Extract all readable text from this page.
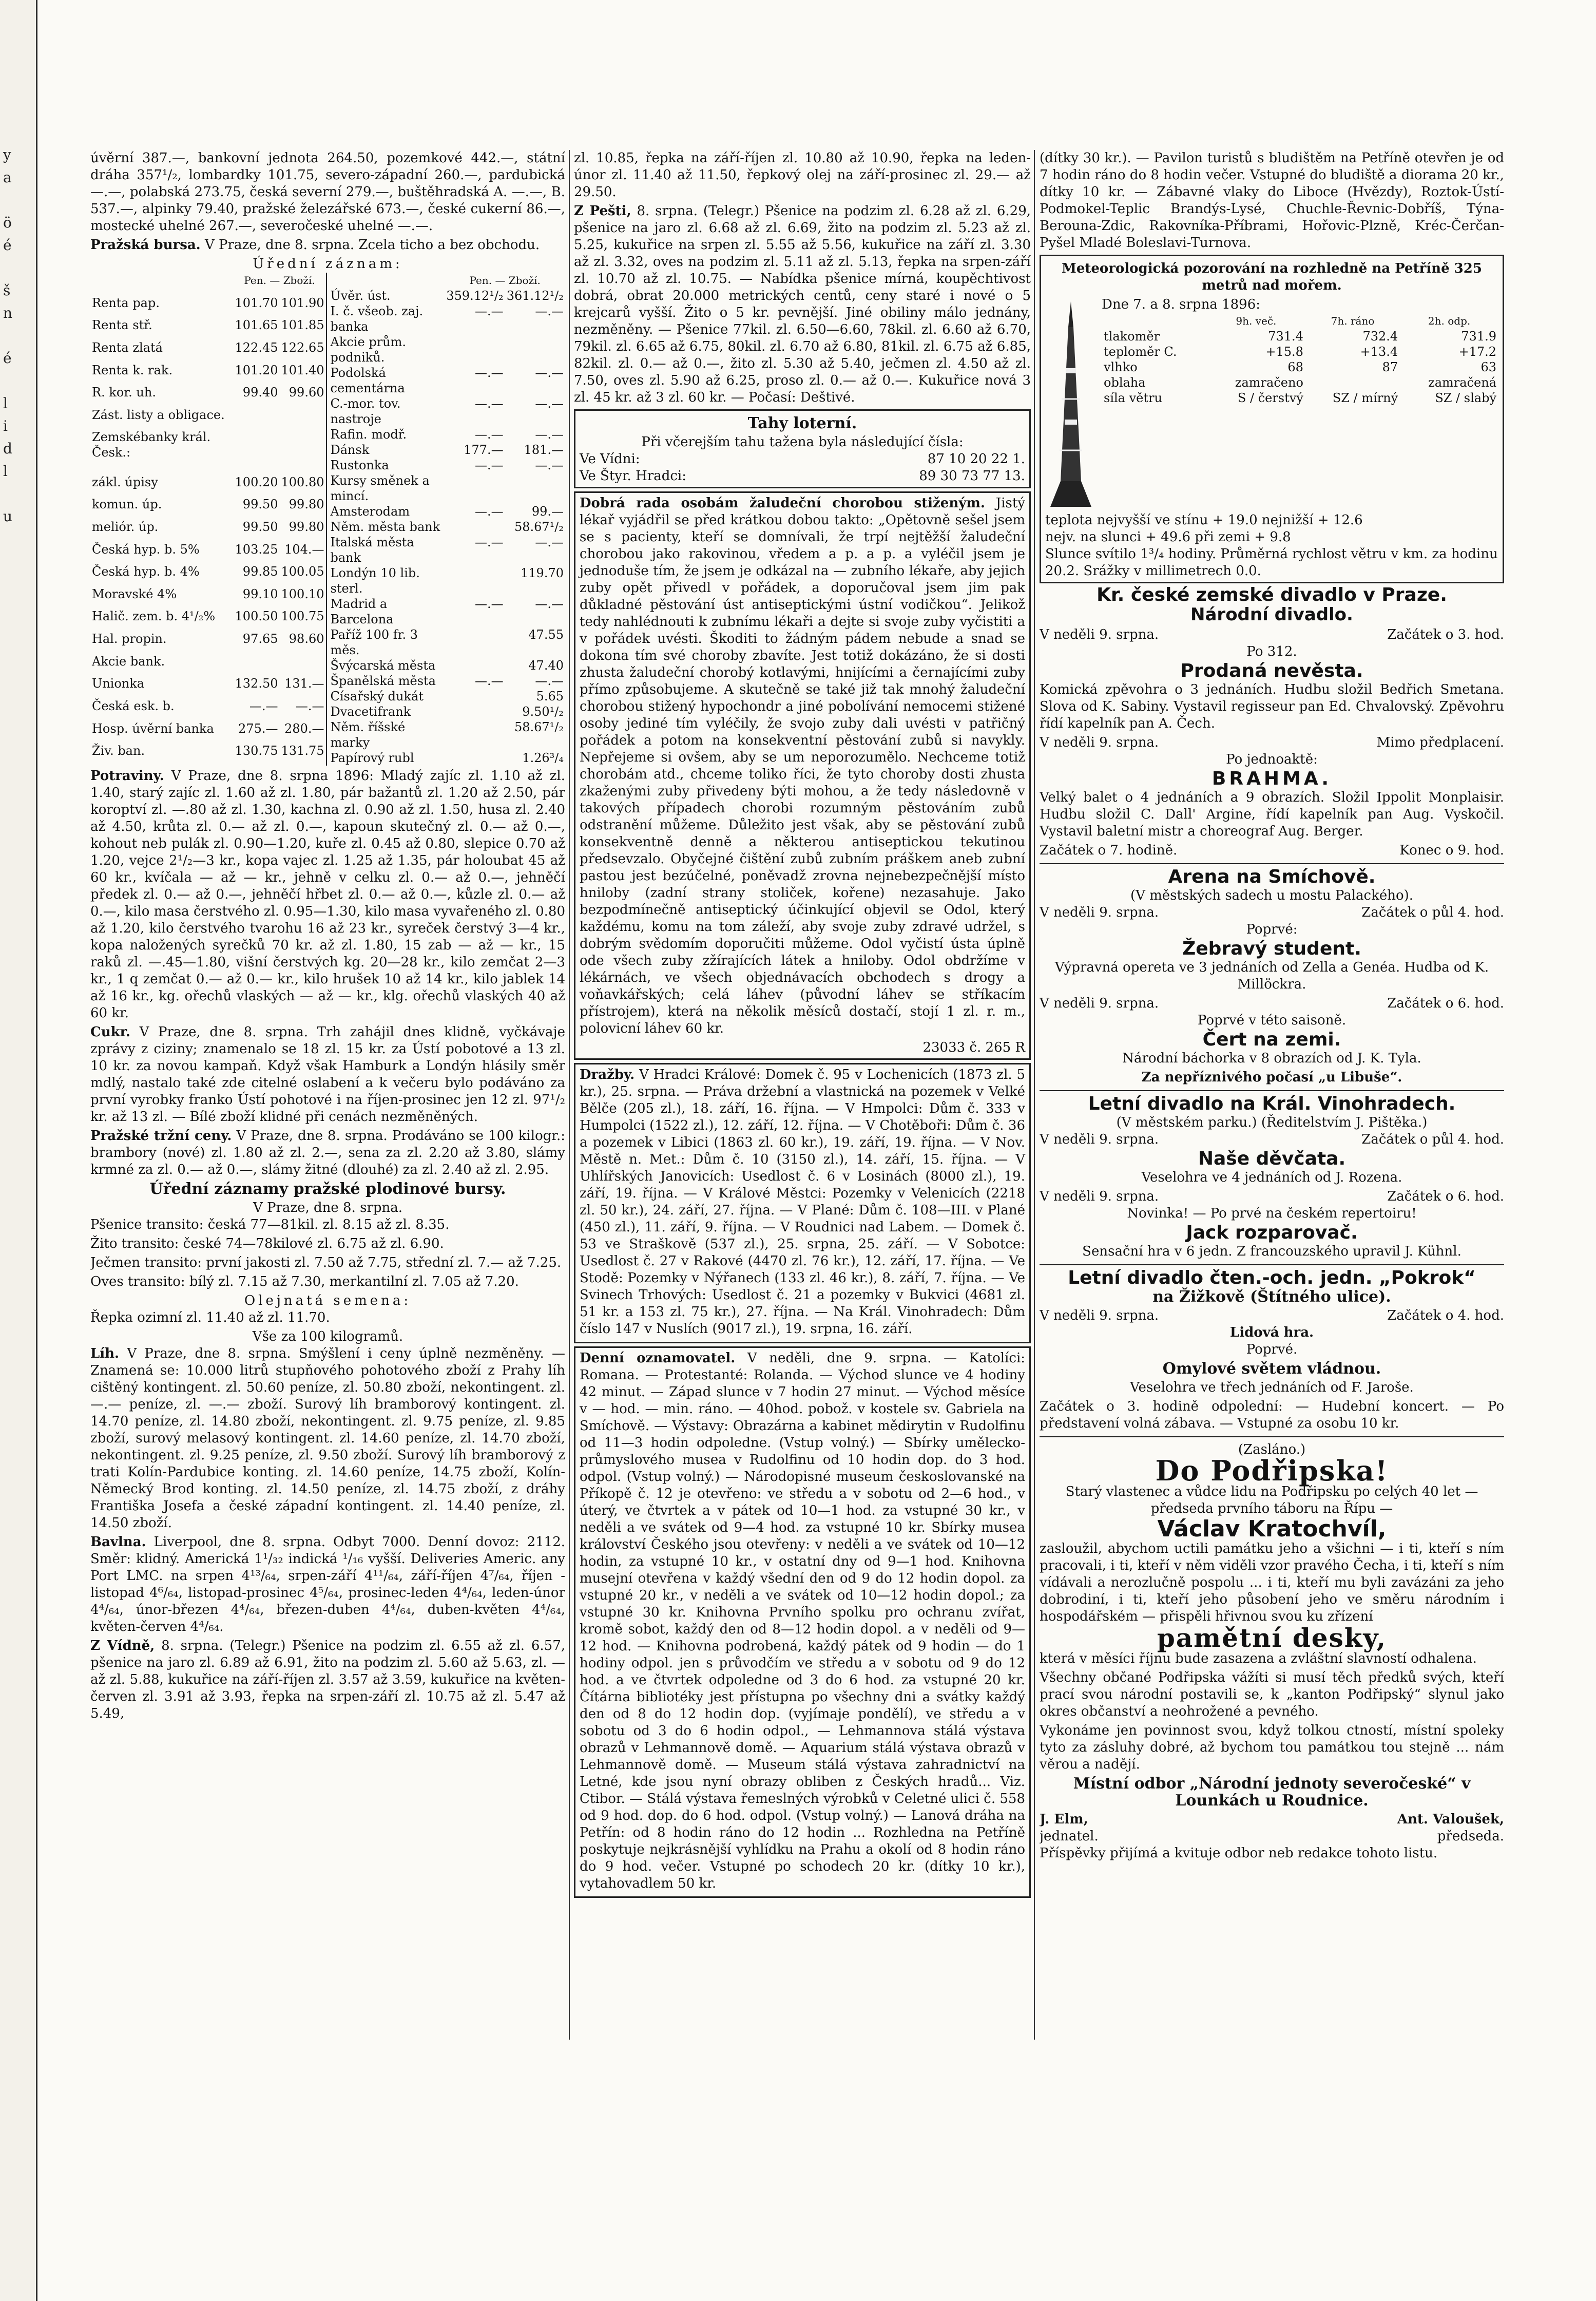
y
a

ö
é

š
n

é

l
i
d
l

u

úvěrní 387.—, bankovní jednota 264.50, pozemkové 442.—, státní dráha 357¹/₂, lombardky 101.75, severo-západní 260.—, pardubická —.—, polabská 273.75, česká severní 279.—, buštěhradská A. —.—, B. 537.—, alpinky 79.40, pražské železářské 673.—, české cukerní 86.—, mostecké uhelné 267.—, severočeské uhelné —.—.

Pražská bursa. V Praze, dne 8. srpna. Zcela ticho a bez obchodu.

Úřední záznam:
	Pen. — Zboží.	
Renta pap.	101.70	101.90
Renta stř.	101.65	101.85
Renta zlatá	122.45	122.65
Renta k. rak.	101.20	101.40
R. kor. uh.	99.40	99.60
Zást. listy a obligace.		
Zemskébanky král. Česk.:		
zákl. úpisy	100.20	100.80
komun. úp.	99.50	99.80
meliór. úp.	99.50	99.80
Česká hyp. b. 5%	103.25	104.—
Česká hyp. b. 4%	99.85	100.05
Moravské 4%	99.10	100.10
Halič. zem. b. 4¹/₂%	100.50	100.75
Hal. propin.	97.65	98.60
Akcie bank.		
Unionka	132.50	131.—
Česká esk. b.	—.—	—.—
Hosp. úvěrní banka	275.—	280.—
Živ. ban.	130.75	131.75
	Pen. — Zboží.	
Úvěr. úst.	359.12¹/₂	361.12¹/₂
I. č. všeob. zaj. banka	—.—	—.—
Akcie prům. podniků.		
Podolská cementárna	—.—	—.—
C.-mor. tov. nastroje	—.—	—.—
Rafin. modř.	—.—	—.—
Dánsk	177.—	181.—
Rustonka	—.—	—.—
Kursy směnek a mincí.		
Amsterodam	—.—	99.—
Něm. města bank		58.67¹/₂
Italská města bank	—.—	—.—
Londýn 10 lib. sterl.		119.70
Madrid a Barcelona	—.—	—.—
Paříž 100 fr. 3 měs.		47.55
Švýcarská města		47.40
Španělská města	—.—	—.—
Císařský dukát		5.65
Dvacetifrank		9.50¹/₂
Něm. říšské marky		58.67¹/₂
Papírový rubl		1.26³/₄

Potraviny. V Praze, dne 8. srpna 1896: Mladý zajíc zl. 1.10 až zl. 1.40, starý zajíc zl. 1.60 až zl. 1.80, pár bažantů zl. 1.20 až 2.50, pár koroptví zl. —.80 až zl. 1.30, kachna zl. 0.90 až zl. 1.50, husa zl. 2.40 až 4.50, krůta zl. 0.— až zl. 0.—, kapoun skutečný zl. 0.— až 0.—, kohout neb pulák zl. 0.90—1.20, kuře zl. 0.45 až 0.80, slepice 0.70 až 1.20, vejce 2¹/₂—3 kr., kopa vajec zl. 1.25 až 1.35, pár holoubat 45 až 60 kr., kvíčala — až — kr., jehně v celku zl. 0.— až 0.—, jehněčí předek zl. 0.— až 0.—, jehněčí hřbet zl. 0.— až 0.—, kůzle zl. 0.— až 0.—, kilo masa čerstvého zl. 0.95—1.30, kilo masa vyvařeného zl. 0.80 až 1.20, kilo čerstvého tvarohu 16 až 23 kr., syreček čerstvý 3—4 kr., kopa naložených syrečků 70 kr. až zl. 1.80, 15 zab — až — kr., 15 raků zl. —.45—1.80, višní čerstvých kg. 20—28 kr., kilo zemčat 2—3 kr., 1 q zemčat 0.— až 0.— kr., kilo hrušek 10 až 14 kr., kilo jablek 14 až 16 kr., kg. ořechů vlaských — až — kr., klg. ořechů vlaských 40 až 60 kr.

Cukr. V Praze, dne 8. srpna. Trh zahájil dnes klidně, vyčkávaje zprávy z ciziny; znamenalo se 18 zl. 15 kr. za Ústí pobotové a 13 zl. 10 kr. za novou kampaň. Když však Hamburk a Londýn hlásily směr mdlý, nastalo také zde citelné oslabení a k večeru bylo podáváno za první vyrobky franko Ústí pohotové i na říjen-prosinec jen 12 zl. 97¹/₂ kr. až 13 zl. — Bílé zboží klidné při cenách nezměněných.

Pražské tržní ceny. V Praze, dne 8. srpna. Prodáváno se 100 kilogr.: brambory (nové) zl. 1.80 až zl. 2.—, sena za zl. 2.20 až 3.80, slámy krmné za zl. 0.— až 0.—, slámy žitné (dlouhé) za zl. 2.40 až zl. 2.95.

Úřední záznamy pražské plodinové bursy.
V Praze, dne 8. srpna.

Pšenice transito: česká 77—81kil. zl. 8.15 až zl. 8.35.

Žito transito: české 74—78kilové zl. 6.75 až zl. 6.90.

Ječmen transito: první jakosti zl. 7.50 až 7.75, střední zl. 7.— až 7.25.

Oves transito: bílý zl. 7.15 až 7.30, merkantilní zl. 7.05 až 7.20.

Olejnatá semena:

Řepka ozimní zl. 11.40 až zl. 11.70.

Vše za 100 kilogramů.

Líh. V Praze, dne 8. srpna. Smýšlení i ceny úplně nezměněny. — Znamená se: 10.000 litrů stupňového pohotového zboží z Prahy líh cištěný kontingent. zl. 50.60 peníze, zl. 50.80 zboží, nekontingent. zl. —.— peníze, zl. —.— zboží. Surový líh bramborový kontingent. zl. 14.70 peníze, zl. 14.80 zboží, nekontingent. zl. 9.75 peníze, zl. 9.85 zboží, surový melasový kontingent. zl. 14.60 peníze, zl. 14.70 zboží, nekontingent. zl. 9.25 peníze, zl. 9.50 zboží. Surový líh bramborový z trati Kolín-Pardubice konting. zl. 14.60 peníze, 14.75 zboží, Kolín-Německý Brod konting. zl. 14.50 peníze, zl. 14.75 zboží, z dráhy Františka Josefa a české západní kontingent. zl. 14.40 peníze, zl. 14.50 zboží.

Bavlna. Liverpool, dne 8. srpna. Odbyt 7000. Denní dovoz: 2112. Směr: klidný. Americká 1¹/₃₂ indická ¹/₁₆ vyšší. Deliveries Americ. any Port LMC. na srpen 4¹³/₆₄, srpen-září 4¹¹/₆₄, září-říjen 4⁷/₆₄, říjen - listopad 4⁶/₆₄, listopad-prosinec 4⁵/₆₄, prosinec-leden 4⁴/₆₄, leden-únor 4⁴/₆₄, únor-březen 4⁴/₆₄, březen-duben 4⁴/₆₄, duben-květen 4⁴/₆₄, květen-červen 4⁴/₆₄.

Z Vídně, 8. srpna. (Telegr.) Pšenice na podzim zl. 6.55 až zl. 6.57, pšenice na jaro zl. 6.89 až 6.91, žito na podzim zl. 5.60 až 5.63, zl. — až zl. 5.88, kukuřice na září-říjen zl. 3.57 až 3.59, kukuřice na květen-červen zl. 3.91 až 3.93, řepka na srpen-září zl. 10.75 až zl. 5.47 až 5.49,

zl. 10.85, řepka na září-říjen zl. 10.80 až 10.90, řepka na leden-únor zl. 11.40 až 11.50, řepkový olej na září-prosinec zl. 29.— až 29.50.

Z Pešti, 8. srpna. (Telegr.) Pšenice na podzim zl. 6.28 až zl. 6.29, pšenice na jaro zl. 6.68 až zl. 6.69, žito na podzim zl. 5.23 až zl. 5.25, kukuřice na srpen zl. 5.55 až 5.56, kukuřice na září zl. 3.30 až zl. 3.32, oves na podzim zl. 5.11 až zl. 5.13, řepka na srpen-září zl. 10.70 až zl. 10.75. — Nabídka pšenice mírná, koupěchtivost dobrá, obrat 20.000 metrických centů, ceny staré i nové o 5 krejcarů vyšší. Žito o 5 kr. pevnější. Jiné obiliny málo jednány, nezměněny. — Pšenice 77kil. zl. 6.50—6.60, 78kil. zl. 6.60 až 6.70, 79kil. zl. 6.65 až 6.75, 80kil. zl. 6.70 až 6.80, 81kil. zl. 6.75 až 6.85, 82kil. zl. 0.— až 0.—, žito zl. 5.30 až 5.40, ječmen zl. 4.50 až zl. 7.50, oves zl. 5.90 až 6.25, proso zl. 0.— až 0.—. Kukuřice nová 3 zl. 45 kr. až 3 zl. 60 kr. — Počasí: Deštivé.

Tahy loterní.
Při včerejším tahu tažena byla následující čísla:
Ve Vídni:	87 10 20 22 1.
Ve Štyr. Hradci:	89 30 73 77 13.

Dobrá rada osobám žaludeční chorobou stiženým. Jistý lékař vyjádřil se před krátkou dobou takto: „Opětovně sešel jsem se s pacienty, kteří se domnívali, že trpí nejtěžší žaludeční chorobou jako rakovinou, vředem a p. a p. a vyléčil jsem je jednoduše tím, že jsem je odkázal na — zubního lékaře, aby jejich zuby opět přivedl v pořádek, a doporučoval jsem jim pak důkladné pěstování úst antiseptickými ústní vodičkou“. Jelikož tedy nahlédnouti k zubnímu lékaři a dejte si svoje zuby vyčistiti a v pořádek uvésti. Škoditi to žádným pádem nebude a snad se dokona tím své choroby zbavíte. Jest totiž dokázáno, že si dosti zhusta žaludeční chorobý kotlavými, hnijícími a černajícími zuby přímo způsobujeme. A skutečně se také již tak mnohý žaludeční chorobou stižený hypochondr a jiné pobolívání nemocemi stižené osoby jediné tím vyléčily, že svojo zuby dali uvésti v patřičný pořádek a potom na konsekventní pěstování zubů si navykly. Nepřejeme si ovšem, aby se um neporozumělo. Nechceme totiž chorobám atd., chceme toliko říci, že tyto choroby dosti zhusta zkaženými zuby přivedeny býti mohou, a že tedy následovně v takových případech chorobi rozumným pěstováním zubů odstranění můžeme. Důležito jest však, aby se pěstování zubů konsekventně denně a některou antiseptickou tekutinou předsevzalo. Obyčejné čištění zubů zubním práškem aneb zubní pastou jest bezúčelné, poněvadž zrovna nejnebezpečnější místo hniloby (zadní strany stoliček, kořene) nezasahuje. Jako bezpodmínečně antiseptický účinkující objevil se Odol, který každému, komu na tom záleží, aby svoje zuby zdravé udržel, s dobrým svědomím doporučiti můžeme. Odol vyčistí ústa úplně ode všech zuby zžírajících látek a hniloby. Odol obdržíme v lékárnách, ve všech objednávacích obchodech s drogy a voňavkářských; celá láhev (původní láhev se stříkacím přístrojem), která na několik měsíců dostačí, stojí 1 zl. r. m., polovicní láhev 60 kr.

23033 č. 265 R

Dražby. V Hradci Králové: Domek č. 95 v Lochenicích (1873 zl. 5 kr.), 25. srpna. — Práva držební a vlastnická na pozemek v Velké Bělče (205 zl.), 18. září, 16. října. — V Hmpolci: Dům č. 333 v Humpolci (1522 zl.), 12. září, 12. října. — V Chotěboři: Dům č. 36 a pozemek v Libici (1863 zl. 60 kr.), 19. září, 19. října. — V Nov. Městě n. Met.: Dům č. 10 (3150 zl.), 14. září, 15. října. — V Uhlířských Janovicích: Usedlost č. 6 v Losinách (8000 zl.), 19. září, 19. října. — V Králové Městci: Pozemky v Velenicích (2218 zl. 50 kr.), 24. září, 27. října. — V Plané: Dům č. 108—III. v Plané (450 zl.), 11. září, 9. října. — V Roudnici nad Labem. — Domek č. 53 ve Straškově (537 zl.), 25. srpna, 25. září. — V Sobotce: Usedlost č. 27 v Rakové (4470 zl. 76 kr.), 12. září, 17. října. — Ve Stodě: Pozemky v Nýřanech (133 zl. 46 kr.), 8. září, 7. října. — Ve Svinech Trhových: Usedlost č. 21 a pozemky v Bukvici (4681 zl. 51 kr. a 153 zl. 75 kr.), 27. října. — Na Král. Vinohradech: Dům číslo 147 v Nuslích (9017 zl.), 19. srpna, 16. září.

Denní oznamovatel. V neděli, dne 9. srpna. — Katolíci: Romana. — Protestanté: Rolanda. — Východ slunce ve 4 hodiny 42 minut. — Západ slunce v 7 hodin 27 minut. — Východ měsíce v — hod. — min. ráno. — 40hod. pobož. v kostele sv. Gabriela na Smíchově. — Výstavy: Obrazárna a kabinet mědirytin v Rudolfinu od 11—3 hodin odpoledne. (Vstup volný.) — Sbírky umělecko-průmyslového musea v Rudolfinu od 10 hodin dop. do 3 hod. odpol. (Vstup volný.) — Národopisné museum českoslovanské na Příkopě č. 12 je otevřeno: ve středu a v sobotu od 2—6 hod., v úterý, ve čtvrtek a v pátek od 10—1 hod. za vstupné 30 kr., v neděli a ve svátek od 9—4 hod. za vstupné 10 kr. Sbírky musea království Českého jsou otevřeny: v neděli a ve svátek od 10—12 hodin, za vstupné 10 kr., v ostatní dny od 9—1 hod. Knihovna musejní otevřena v každý všední den od 9 do 12 hodin dopol. za vstupné 20 kr., v neděli a ve svátek od 10—12 hodin dopol.; za vstupné 30 kr. Knihovna Prvního spolku pro ochranu zvířat, kromě sobot, každý den od 8—12 hodin dopol. a v neděli od 9—12 hod. — Knihovna podrobená, každý pátek od 9 hodin — do 1 hodiny odpol. jen s průvodčím ve středu a v sobotu od 9 do 12 hod. a ve čtvrtek odpoledne od 3 do 6 hod. za vstupné 20 kr. Čítárna bibliotéky jest přístupna po všechny dni a svátky každý den od 8 do 12 hodin dop. (vyjímaje pondělí), ve středu a v sobotu od 3 do 6 hodin odpol., — Lehmannova stálá výstava obrazů v Lehmannově domě. — Aquarium stálá výstava obrazů v Lehmannově domě. — Museum stálá výstava zahradnictví na Letné, kde jsou nyní obrazy obliben z Českých hradů... Viz. Ctibor. — Stálá výstava řemeslných výrobků v Celetné ulici č. 558 od 9 hod. dop. do 6 hod. odpol. (Vstup volný.) — Lanová dráha na Petřín: od 8 hodin ráno do 12 hodin ... Rozhledna na Petříně poskytuje nejkrásnější vyhlídku na Prahu a okolí od 8 hodin ráno do 9 hod. večer. Vstupné po schodech 20 kr. (dítky 10 kr.), vytahovadlem 50 kr.

(dítky 30 kr.). — Pavilon turistů s bludištěm na Petříně otevřen je od 7 hodin ráno do 8 hodin večer. Vstupné do bludiště a diorama 20 kr., dítky 10 kr. — Zábavné vlaky do Liboce (Hvězdy), Roztok-Ústí-Podmokel-Teplic Brandýs-Lysé, Chuchle-Řevnic-Dobříš, Týna-Berouna-Zdic, Rakovníka-Příbrami, Hořovic-Plzně, Kréc-Čerčan-Pyšel Mladé Boleslavi-Turnova.

Meteorologická pozorování na rozhledně na Petříně 325 metrů nad mořem.
Dne 7. a 8. srpna 1896:
	9h. več.	7h. ráno	2h. odp.
tlakoměr	731.4	732.4	731.9
teploměr C.	+15.8	+13.4	+17.2
vlhko	68	87	63
oblaha	zamračeno		zamračená
síla větru	S / čerstvý	SZ / mírný	SZ / slabý
teplota nejvyšší ve stínu + 19.0 nejnižší + 12.6
nejv. na slunci + 49.6 při zemi + 9.8
Slunce svítilo 1³/₄ hodiny. Průměrná rychlost větru v km. za hodinu 20.2. Srážky v millimetrech 0.0.
Kr. české zemské divadlo v Praze.
Národní divadlo.
V neděli 9. srpna.	Začátek o 3. hod.
Po 312.
Prodaná nevěsta.

Komická zpěvohra o 3 jednáních. Hudbu složil Bedřich Smetana. Slova od K. Sabiny. Vystavil regisseur pan Ed. Chvalovský. Zpěvohru řídí kapelník pan A. Čech.

V neděli 9. srpna.	Mimo předplacení.
Po jednoaktě:
BRAHMA.

Velký balet o 4 jednáních a 9 obrazích. Složil Ippolit Monplaisir. Hudbu složil C. Dall' Argine, řídí kapelník pan Aug. Vyskočil. Vystavil baletní mistr a choreograf Aug. Berger.

Začátek o 7. hodině.	Konec o 9. hod.
Arena na Smíchově.
(V městských sadech u mostu Palackého).
V neděli 9. srpna.	Začátek o půl 4. hod.
Poprvé:
Žebravý student.

Výpravná opereta ve 3 jednáních od Zella a Genéa. Hudba od K. Millöckra.

V neděli 9. srpna.	Začátek o 6. hod.
Poprvé v této saisoně.
Čert na zemi.

Národní báchorka v 8 obrazích od J. K. Tyla.

Za nepříznivého počasí „u Libuše“.
Letní divadlo na Král. Vinohradech.
(V městském parku.) (Ředitelstvím J. Pištěka.)
V neděli 9. srpna.	Začátek o půl 4. hod.
Naše děvčata.

Veselohra ve 4 jednáních od J. Rozena.

V neděli 9. srpna.	Začátek o 6. hod.
Novinka! — Po prvé na českém repertoiru!
Jack rozparovač.

Sensační hra v 6 jedn. Z francouzského upravil J. Kühnl.

Letní divadlo čten.-och. jedn. „Pokrok“
na Žižkově (Štítného ulice).
V neděli 9. srpna.	Začátek o 4. hod.
Lidová hra.
Poprvé.
Omylové světem vládnou.

Veselohra ve třech jednáních od F. Jaroše.

Začátek o 3. hodině odpolední: — Hudební koncert. — Po představení volná zábava. — Vstupné za osobu 10 kr.

(Zasláno.)
Do Podřipska!

Starý vlastenec a vůdce lidu na Podřipsku po celých 40 let — předseda prvního táboru na Řípu —

Václav Kratochvíl,

zasloužil, abychom uctili památku jeho a všichni — i ti, kteří s ním pracovali, i ti, kteří v něm viděli vzor pravého Čecha, i ti, kteří s ním vídávali a nerozlučně pospolu ... i ti, kteří mu byli zavázáni za jeho dobrodiní, i ti, kteří jeho působení jeho ve směru národním i hospodářském — přispěli hřivnou svou ku zřízení

pamětní desky,

která v měsíci říjnu bude zasazena a zvláštní slavností odhalena.

Všechny občané Podřipska vážíti si musí těch předků svých, kteří prací svou národní postavili se, k „kanton Podřipský“ slynul jako okres občanství a neohrožené a pevného.

Vykonáme jen povinnost svou, když tolkou ctností, místní spoleky tyto za zásluhy dobré, až bychom tou památkou tou stejně ... nám věrou a nadějí.

Místní odbor „Národní jednoty severočeské“ v Lounkách u Roudnice.
J. Elm,	Ant. Valoušek,
jednatel.	předseda.

Příspěvky přijímá a kvituje odbor neb redakce tohoto listu.
